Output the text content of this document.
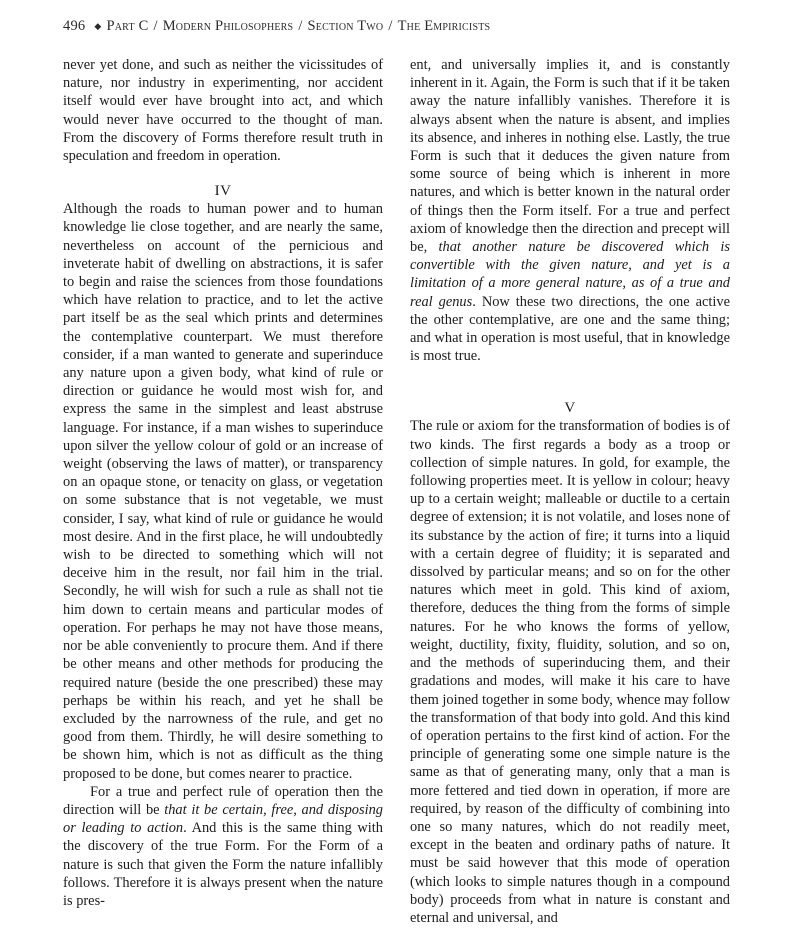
496 ◆ Part C / Modern Philosophers / Section Two / The Empiricists

never yet done, and such as neither the vicissitudes of nature, nor industry in experimenting, nor accident itself would ever have brought into act, and which would never have occurred to the thought of man. From the discovery of Forms therefore result truth in speculation and freedom in operation.

IV

Although the roads to human power and to human knowledge lie close together, and are nearly the same, nevertheless on account of the pernicious and inveterate habit of dwelling on abstractions, it is safer to begin and raise the sciences from those foundations which have relation to practice, and to let the active part itself be as the seal which prints and determines the contemplative counterpart. We must therefore consider, if a man wanted to generate and superinduce any nature upon a given body, what kind of rule or direction or guidance he would most wish for, and express the same in the simplest and least abstruse language. For instance, if a man wishes to superinduce upon silver the yellow colour of gold or an increase of weight (observing the laws of matter), or transparency on an opaque stone, or tenacity on glass, or vegetation on some substance that is not vegetable, we must consider, I say, what kind of rule or guidance he would most desire. And in the first place, he will undoubtedly wish to be directed to something which will not deceive him in the result, nor fail him in the trial. Secondly, he will wish for such a rule as shall not tie him down to certain means and particular modes of operation. For perhaps he may not have those means, nor be able conveniently to procure them. And if there be other means and other methods for producing the required nature (beside the one prescribed) these may perhaps be within his reach, and yet he shall be excluded by the narrowness of the rule, and get no good from them. Thirdly, he will desire something to be shown him, which is not as difficult as the thing proposed to be done, but comes nearer to practice.

For a true and perfect rule of operation then the direction will be that it be certain, free, and disposing or leading to action. And this is the same thing with the discovery of the true Form. For the Form of a nature is such that given the Form the nature infallibly follows. Therefore it is always present when the nature is pres-

ent, and universally implies it, and is constantly inherent in it. Again, the Form is such that if it be taken away the nature infallibly vanishes. Therefore it is always absent when the nature is absent, and implies its absence, and inheres in nothing else. Lastly, the true Form is such that it deduces the given nature from some source of being which is inherent in more natures, and which is better known in the natural order of things then the Form itself. For a true and perfect axiom of knowledge then the direction and precept will be, that another nature be discovered which is convertible with the given nature, and yet is a limitation of a more general nature, as of a true and real genus. Now these two directions, the one active the other contemplative, are one and the same thing; and what in operation is most useful, that in knowledge is most true.

V

The rule or axiom for the transformation of bodies is of two kinds. The first regards a body as a troop or collection of simple natures. In gold, for example, the following properties meet. It is yellow in colour; heavy up to a certain weight; malleable or ductile to a certain degree of extension; it is not volatile, and loses none of its substance by the action of fire; it turns into a liquid with a certain degree of fluidity; it is separated and dissolved by particular means; and so on for the other natures which meet in gold. This kind of axiom, therefore, deduces the thing from the forms of simple natures. For he who knows the forms of yellow, weight, ductility, fixity, fluidity, solution, and so on, and the methods of superinducing them, and their gradations and modes, will make it his care to have them joined together in some body, whence may follow the transformation of that body into gold. And this kind of operation pertains to the first kind of action. For the principle of generating some one simple nature is the same as that of generating many, only that a man is more fettered and tied down in operation, if more are required, by reason of the difficulty of combining into one so many natures, which do not readily meet, except in the beaten and ordinary paths of nature. It must be said however that this mode of operation (which looks to simple natures though in a compound body) proceeds from what in nature is constant and eternal and universal, and
